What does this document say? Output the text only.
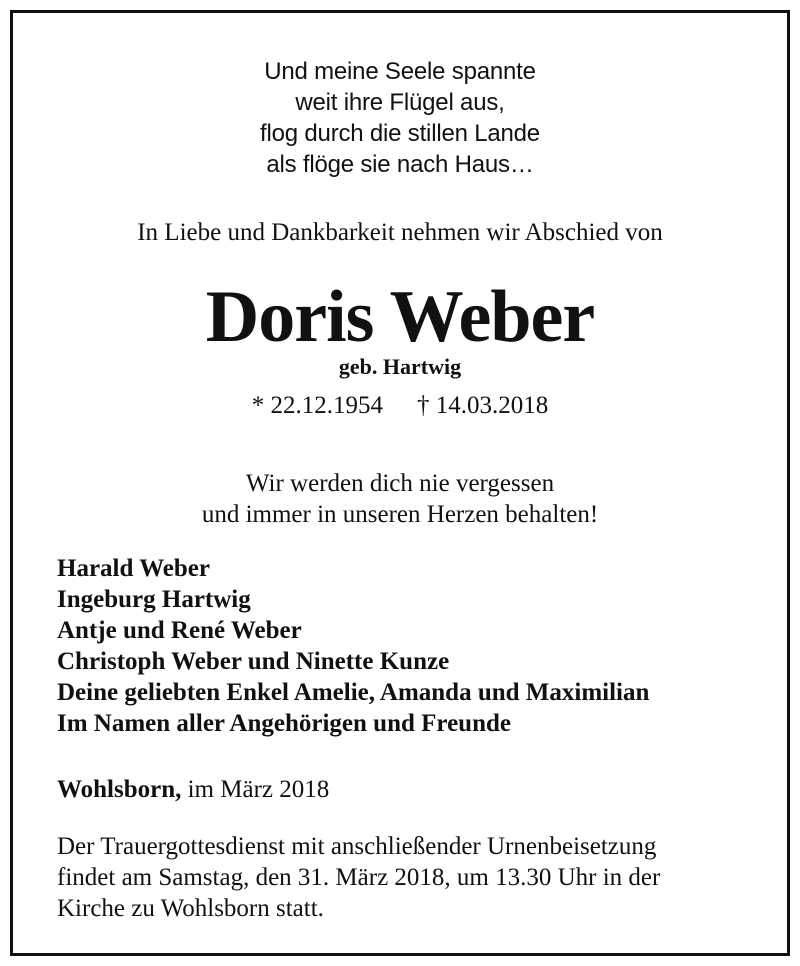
Und meine Seele spannte
weit ihre Flügel aus,
flog durch die stillen Lande
als flöge sie nach Haus…
In Liebe und Dankbarkeit nehmen wir Abschied von
Doris Weber
geb. Hartwig
* 22.12.1954 † 14.03.2018
Wir werden dich nie vergessen
und immer in unseren Herzen behalten!
Harald Weber
Ingeburg Hartwig
Antje und René Weber
Christoph Weber und Ninette Kunze
Deine geliebten Enkel Amelie, Amanda und Maximilian
Im Namen aller Angehörigen und Freunde
Wohlsborn, im März 2018
Der Trauergottesdienst mit anschließender Urnenbeisetzung
findet am Samstag, den 31. März 2018, um 13.30 Uhr in der
Kirche zu Wohlsborn statt.
